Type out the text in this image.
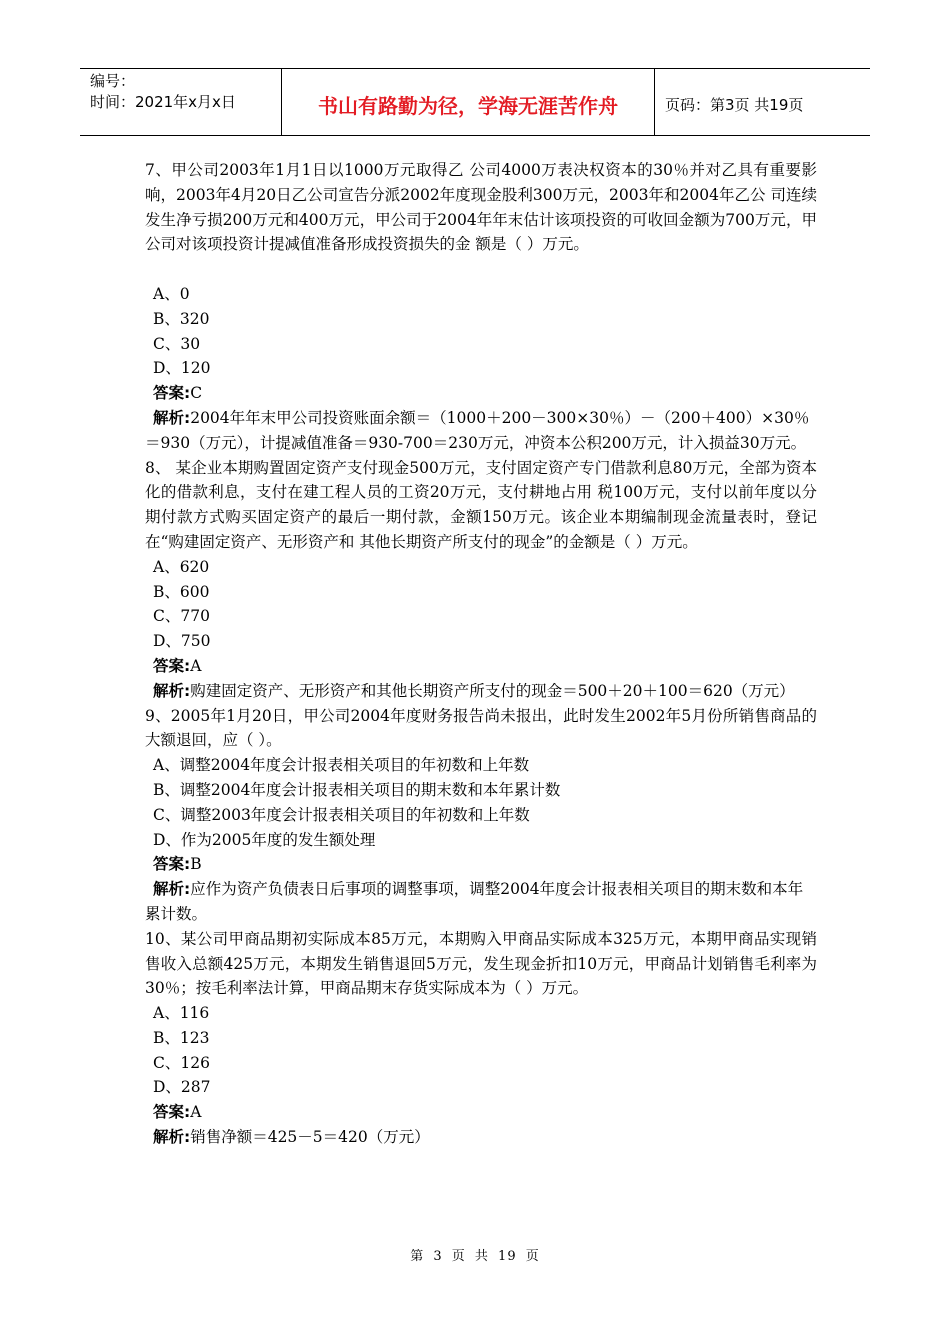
编号：
时间：2021年x月x日	书山有路勤为径，学海无涯苦作舟	页码：第3页 共19页

7、甲公司2003年1月1日以1000万元取得乙 公司4000万表决权资本的30％并对乙具有重要影响，2003年4月20日乙公司宣告分派2002年度现金股利300万元，2003年和2004年乙公 司连续发生净亏损200万元和400万元，甲公司于2004年年末估计该项投资的可收回金额为700万元，甲公司对该项投资计提减值准备形成投资损失的金 额是（ ）万元。

A、0

B、320

C、30

D、120

答案:C

解析:2004年年末甲公司投资账面余额＝（1000＋200－300×30％）－（200＋400）×30％＝930（万元），计提减值准备＝930-700＝230万元，冲资本公积200万元，计入损益30万元。

8、 某企业本期购置固定资产支付现金500万元，支付固定资产专门借款利息80万元，全部为资本化的借款利息，支付在建工程人员的工资20万元，支付耕地占用 税100万元，支付以前年度以分期付款方式购买固定资产的最后一期付款，金额150万元。该企业本期编制现金流量表时，登记在“购建固定资产、无形资产和 其他长期资产所支付的现金”的金额是（ ）万元。

A、620

B、600

C、770

D、750

答案:A

解析:购建固定资产、无形资产和其他长期资产所支付的现金＝500＋20＋100＝620（万元）

9、2005年1月20日，甲公司2004年度财务报告尚未报出，此时发生2002年5月份所销售商品的大额退回，应（ ）。

A、调整2004年度会计报表相关项目的年初数和上年数

B、调整2004年度会计报表相关项目的期末数和本年累计数

C、调整2003年度会计报表相关项目的年初数和上年数

D、作为2005年度的发生额处理

答案:B

解析:应作为资产负债表日后事项的调整事项，调整2004年度会计报表相关项目的期末数和本年累计数。

10、某公司甲商品期初实际成本85万元，本期购入甲商品实际成本325万元，本期甲商品实现销售收入总额425万元，本期发生销售退回5万元，发生现金折扣10万元，甲商品计划销售毛利率为30％；按毛利率法计算，甲商品期末存货实际成本为（ ）万元。

A、116

B、123

C、126

D、287

答案:A

解析:销售净额＝425－5＝420（万元）

第 3 页 共 19 页
